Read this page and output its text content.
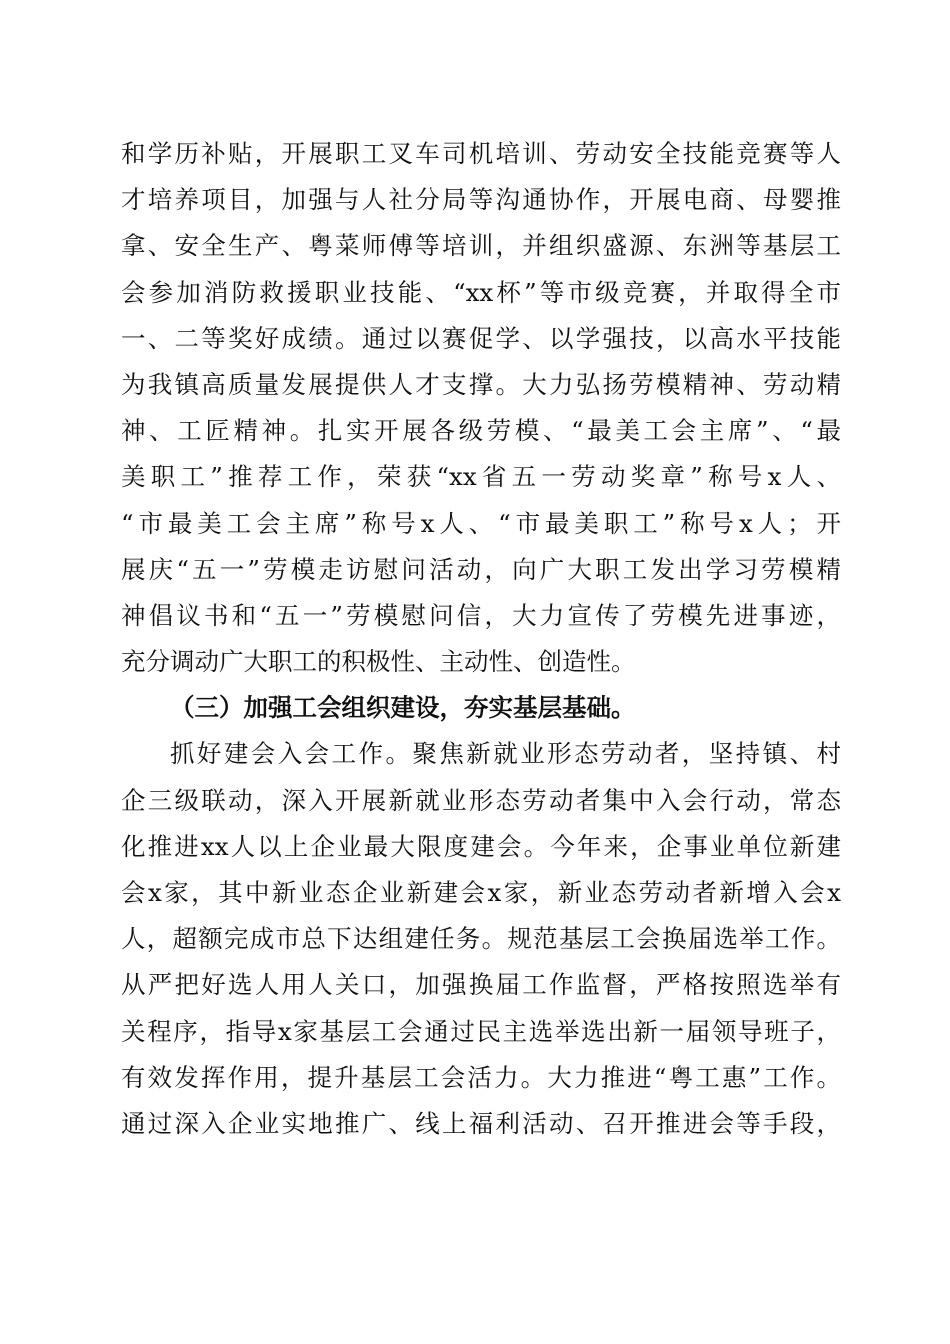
和学历补贴，开展职工叉车司机培训、劳动安全技能竞赛等人
才培养项目，加强与人社分局等沟通协作，开展电商、母婴推
拿、安全生产、粤菜师傅等培训，并组织盛源、东洲等基层工
会参加消防救援职业技能、“xx杯”等市级竞赛，并取得全市
一、二等奖好成绩。通过以赛促学、以学强技，以高水平技能
为我镇高质量发展提供人才支撑。大力弘扬劳模精神、劳动精
神、工匠精神。扎实开展各级劳模、“最美工会主席”、“最
美职工”推荐工作，荣获“xx省五一劳动奖章”称号x人、
“市最美工会主席”称号x人、“市最美职工”称号x人；开
展庆“五一”劳模走访慰问活动，向广大职工发出学习劳模精
神倡议书和“五一”劳模慰问信，大力宣传了劳模先进事迹，
充分调动广大职工的积极性、主动性、创造性。
（三）加强工会组织建设，夯实基层基础。
抓好建会入会工作。聚焦新就业形态劳动者，坚持镇、村
企三级联动，深入开展新就业形态劳动者集中入会行动，常态
化推进xx人以上企业最大限度建会。今年来，企事业单位新建
会x家，其中新业态企业新建会x家，新业态劳动者新增入会x
人，超额完成市总下达组建任务。规范基层工会换届选举工作。
从严把好选人用人关口，加强换届工作监督，严格按照选举有
关程序，指导x家基层工会通过民主选举选出新一届领导班子，
有效发挥作用，提升基层工会活力。大力推进“粤工惠”工作。
通过深入企业实地推广、线上福利活动、召开推进会等手段，
